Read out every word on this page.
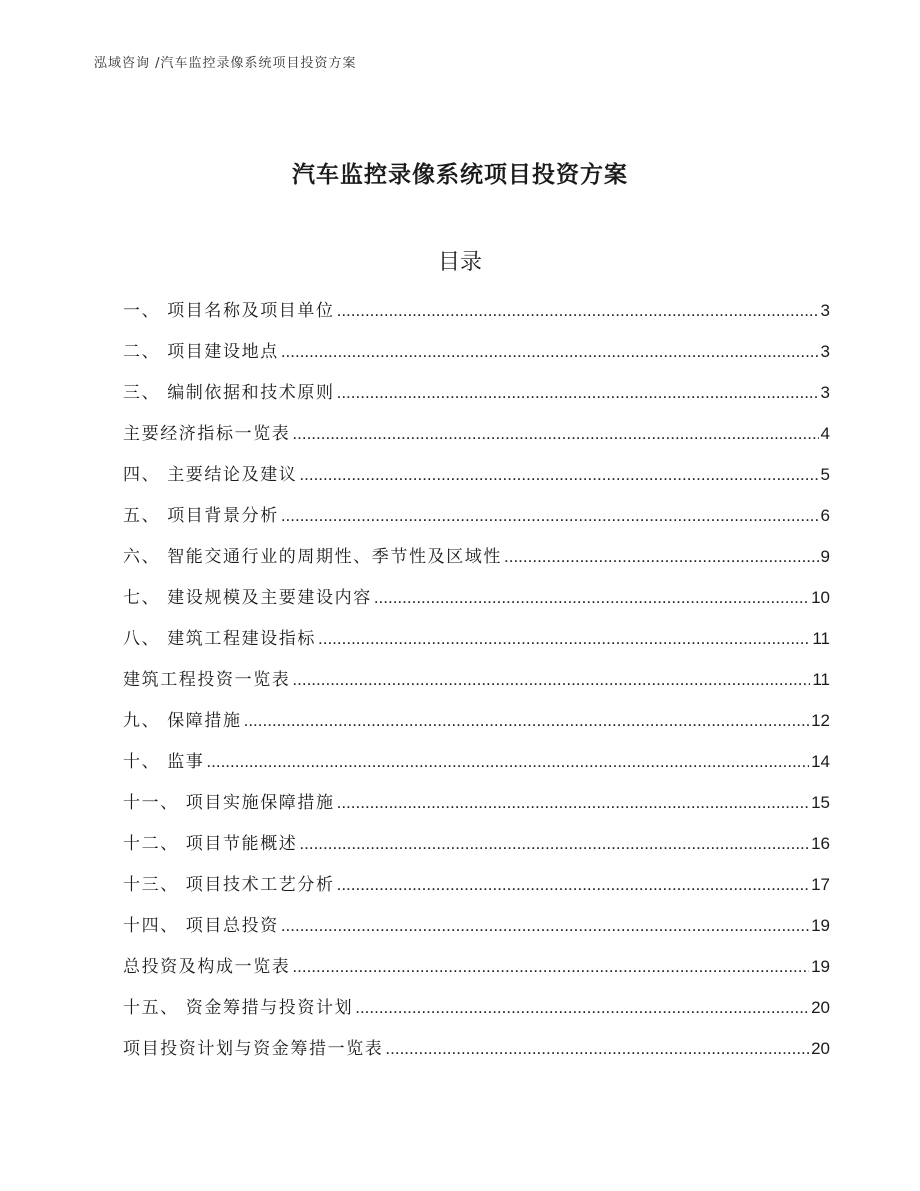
泓域咨询 /汽车监控录像系统项目投资方案
汽车监控录像系统项目投资方案
目录
一、 项目名称及项目单位 .....	3
二、 项目建设地点 .....	3
三、 编制依据和技术原则 .....	3
主要经济指标一览表 .....	4
四、 主要结论及建议 .....	5
五、 项目背景分析 .....	6
六、 智能交通行业的周期性、季节性及区域性 .....	9
七、 建设规模及主要建设内容 .....	10
八、 建筑工程建设指标 .....	11
建筑工程投资一览表 .....	11
九、 保障措施 .....	12
十、 监事 .....	14
十一、 项目实施保障措施 .....	15
十二、 项目节能概述 .....	16
十三、 项目技术工艺分析 .....	17
十四、 项目总投资 .....	19
总投资及构成一览表 .....	19
十五、 资金筹措与投资计划 .....	20
项目投资计划与资金筹措一览表 .....	20
